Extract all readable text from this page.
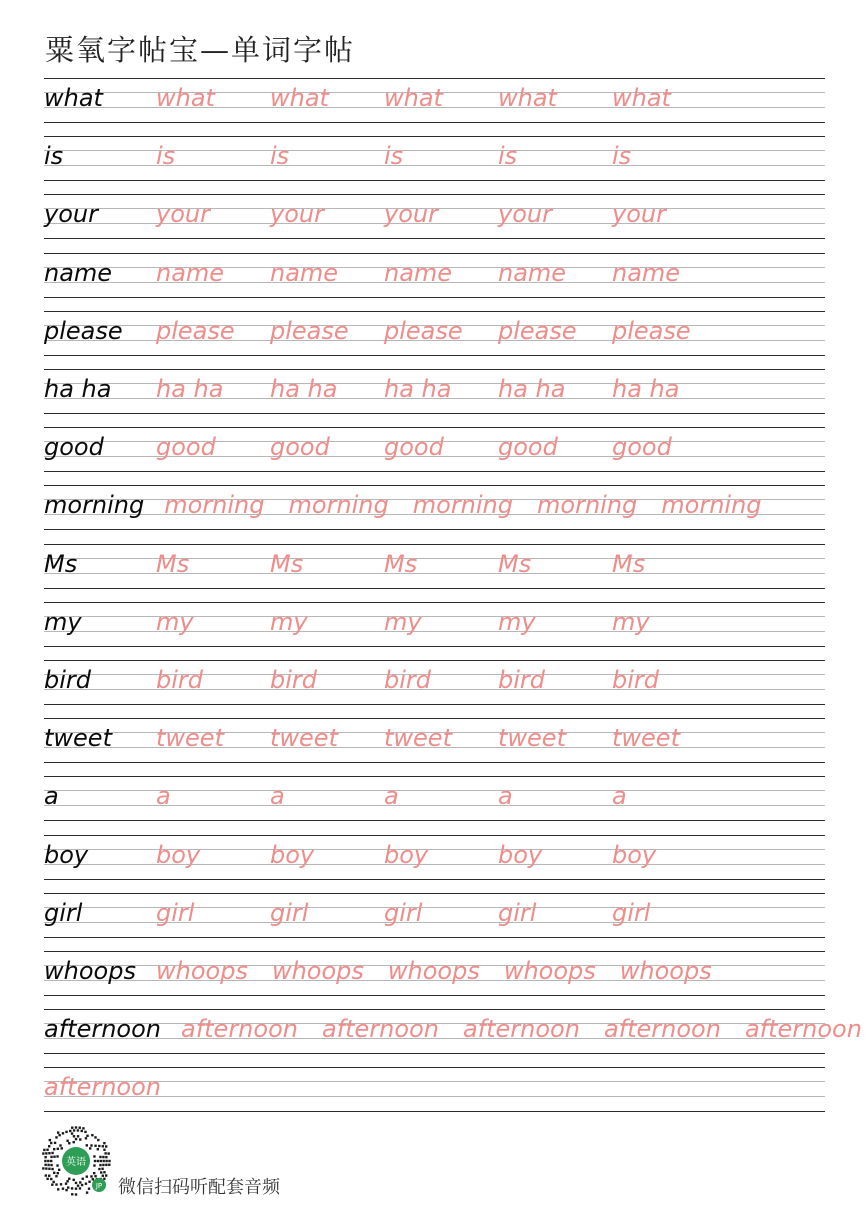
粟氧字帖宝—单词字帖
what what what what what what
is	is	is	is	is	is
your your	your	your	your	your
name name name name name name
please please please please please please
ha ha ha ha ha ha ha ha ha ha ha ha
good good good good good good
morning morning morning morning morning morning
Ms	Ms	Ms	Ms	Ms	Ms
my	my	my	my	my	my
bird	bird	bird	bird	bird	bird
tweet tweet tweet tweet tweet tweet
a	a	a	a	a	a
boy	boy	boy	boy	boy	boy
girl	girl	girl	girl	girl	girl
whoops whoops whoops whoops whoops whoops
afternoon afternoon afternoon afternoon afternoon afternoon
afternoon
英语
JP 微信扫码听配套音频
